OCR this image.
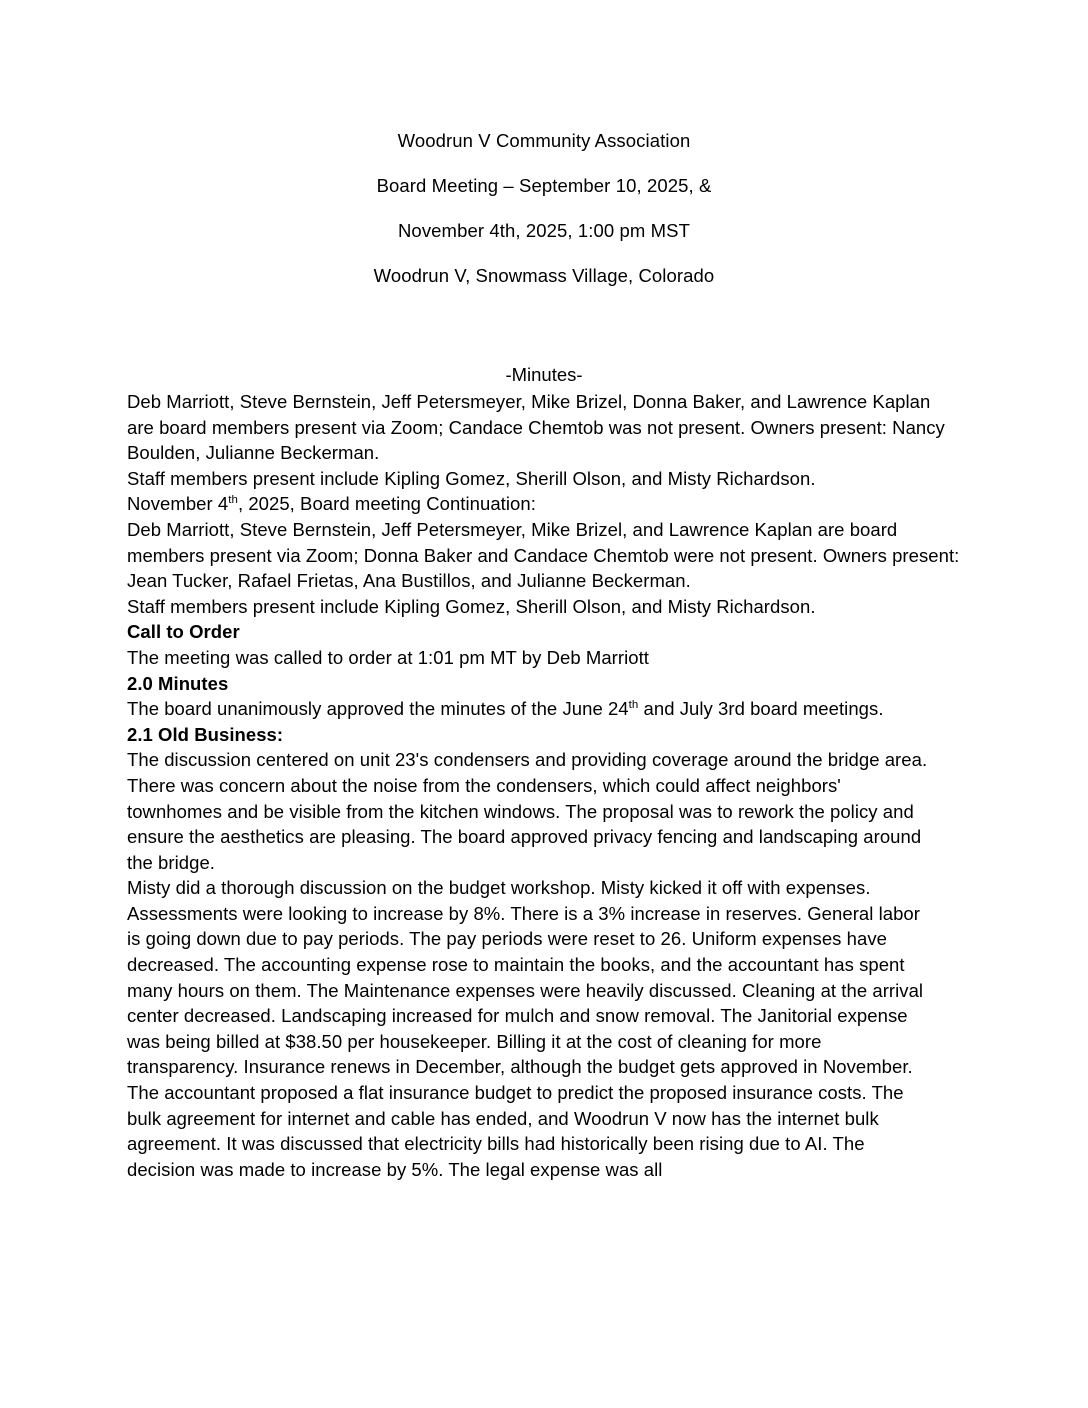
Woodrun V Community Association
Board Meeting – September 10, 2025, &
November 4th, 2025, 1:00 pm MST
Woodrun V, Snowmass Village, Colorado
-Minutes-

Deb Marriott, Steve Bernstein, Jeff Petersmeyer, Mike Brizel, Donna Baker, and Lawrence Kaplan are board members present via Zoom; Candace Chemtob was not present. Owners present: Nancy Boulden, Julianne Beckerman.

Staff members present include Kipling Gomez, Sherill Olson, and Misty Richardson.

November 4th, 2025, Board meeting Continuation:

Deb Marriott, Steve Bernstein, Jeff Petersmeyer, Mike Brizel, and Lawrence Kaplan are board members present via Zoom; Donna Baker and Candace Chemtob were not present. Owners present: Jean Tucker, Rafael Frietas, Ana Bustillos, and Julianne Beckerman.

Staff members present include Kipling Gomez, Sherill Olson, and Misty Richardson.

Call to Order

The meeting was called to order at 1:01 pm MT by Deb Marriott

2.0 Minutes

The board unanimously approved the minutes of the June 24th and July 3rd board meetings.

2.1 Old Business:

The discussion centered on unit 23's condensers and providing coverage around the bridge area. There was concern about the noise from the condensers, which could affect neighbors' townhomes and be visible from the kitchen windows. The proposal was to rework the policy and ensure the aesthetics are pleasing. The board approved privacy fencing and landscaping around the bridge.

Misty did a thorough discussion on the budget workshop. Misty kicked it off with expenses. Assessments were looking to increase by 8%. There is a 3% increase in reserves. General labor is going down due to pay periods. The pay periods were reset to 26. Uniform expenses have decreased. The accounting expense rose to maintain the books, and the accountant has spent many hours on them. The Maintenance expenses were heavily discussed. Cleaning at the arrival center decreased. Landscaping increased for mulch and snow removal. The Janitorial expense was being billed at $38.50 per housekeeper. Billing it at the cost of cleaning for more transparency. Insurance renews in December, although the budget gets approved in November. The accountant proposed a flat insurance budget to predict the proposed insurance costs. The bulk agreement for internet and cable has ended, and Woodrun V now has the internet bulk agreement. It was discussed that electricity bills had historically been rising due to AI. The decision was made to increase by 5%. The legal expense was all
